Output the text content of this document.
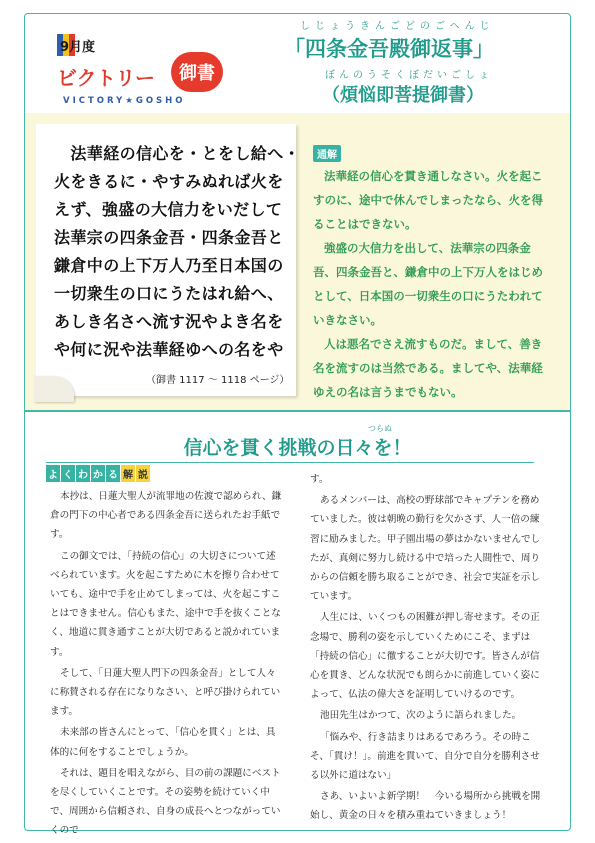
9月度
ビクトリー	御書
VICTORY★GOSHO
しじょうきんごどのごへんじ
「四条金吾殿御返事」
ぼんのうそくぼだいごしょ
（煩悩即菩提御書）

　法華経の信心を・とをし給へ・

火をきるに・やすみぬれば火を

えず、強盛の大信力をいだして

法華宗の四条金吾・四条金吾と

鎌倉中の上下万人乃至日本国の

一切衆生の口にうたはれ給へ、

あしき名さへ流す況やよき名を

や何に況や法華経ゆへの名をや

（御書 1117 ～ 1118 ページ）
通解

法華経の信心を貫き通しなさい。火を起こすのに、途中で休んでしまったなら、火を得ることはできない。

強盛の大信力を出して、法華宗の四条金吾、四条金吾と、鎌倉中の上下万人をはじめとして、日本国の一切衆生の口にうたわれていきなさい。

人は悪名でさえ流すものだ。まして、善き名を流すのは当然である。ましてや、法華経ゆえの名は言うまでもない。

つらぬ
信心を貫く挑戦の日々を！
よ く わ か る 解 説

本抄は、日蓮大聖人が流罪地の佐渡で認められ、鎌倉の門下の中心者である四条金吾に送られたお手紙です。

この御文では、「持続の信心」の大切さについて述べられています。火を起こすために木を擦り合わせていても、途中で手を止めてしまっては、火を起こすことはできません。信心もまた、途中で手を抜くことなく、地道に貫き通すことが大切であると説かれています。

そして、「日蓮大聖人門下の四条金吾」として人々に称賛される存在になりなさい、と呼び掛けられています。

未来部の皆さんにとって、「信心を貫く」とは、具体的に何をすることでしょうか。

それは、題目を唱えながら、目の前の課題にベストを尽くしていくことです。その姿勢を続けていく中で、周囲から信頼され、自身の成長へとつながっていくので

す。

あるメンバーは、高校の野球部でキャプテンを務めていました。彼は朝晩の勤行を欠かさず、人一倍の練習に励みました。甲子園出場の夢はかないませんでしたが、真剣に努力し続ける中で培った人間性で、周りからの信頼を勝ち取ることができ、社会で実証を示しています。

人生には、いくつもの困難が押し寄せます。その正念場で、勝利の姿を示していくためにこそ、まずは「持続の信心」に徹することが大切です。皆さんが信心を貫き、どんな状況でも朗らかに前進していく姿によって、仏法の偉大さを証明していけるのです。

池田先生はかつて、次のように語られました。

「悩みや、行き詰まりはあるであろう。その時こそ、「貫け！」。前進を貫いて、自分で自分を勝利させる以外に道はない」

さあ、いよいよ新学期！　今いる場所から挑戦を開始し、黄金の日々を積み重ねていきましょう！
